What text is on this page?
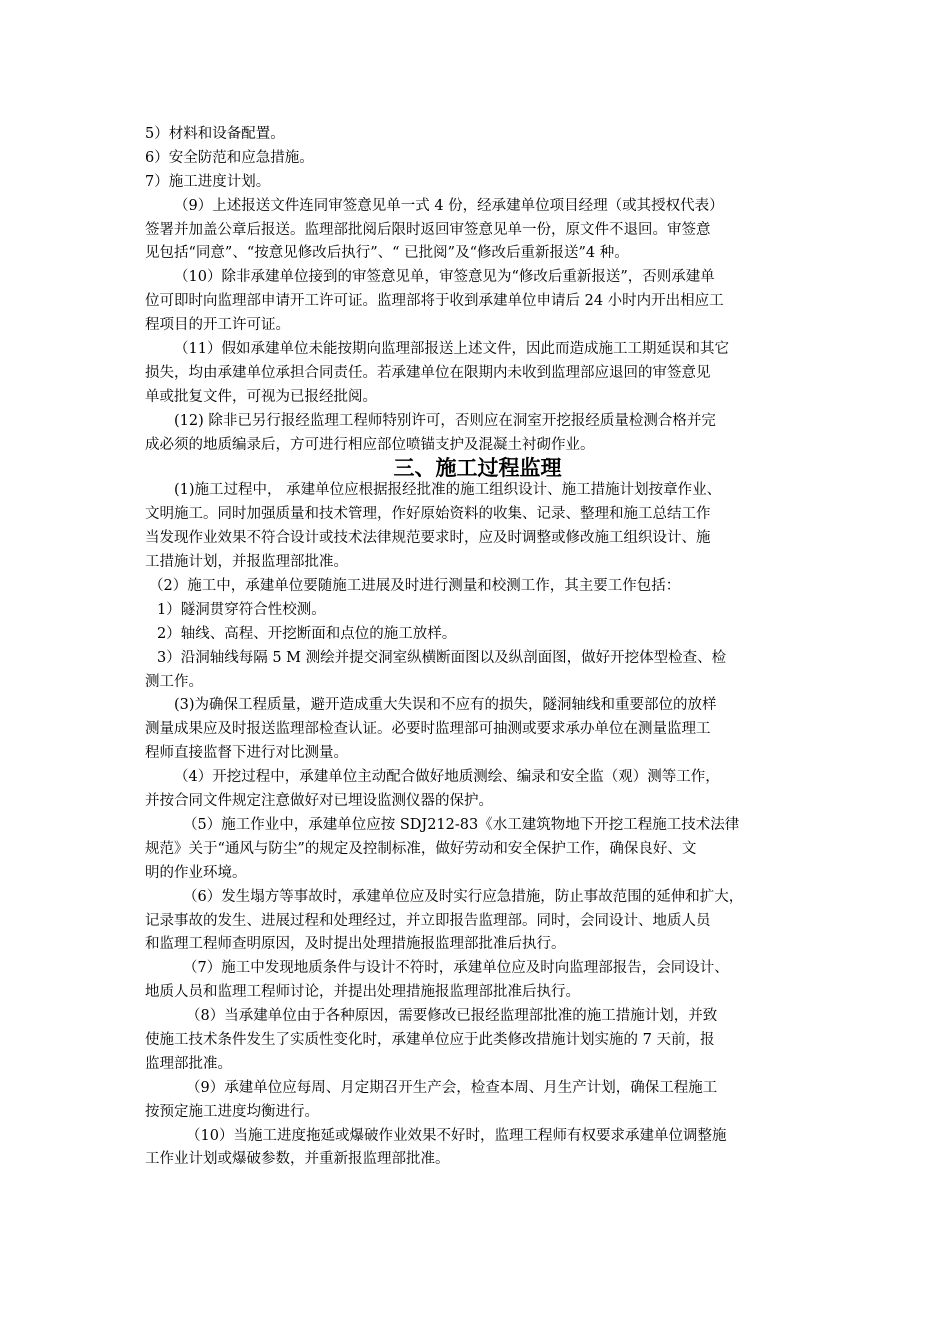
5）材料和设备配置。
6）安全防范和应急措施。
7）施工进度计划。
（9）上述报送文件连同审签意见单一式 4 份，经承建单位项目经理（或其授权代表）
签署并加盖公章后报送。监理部批阅后限时返回审签意见单一份，原文件不退回。审签意
见包括“同意”、“按意见修改后执行”、“ 已批阅”及“修改后重新报送”4 种。
（10）除非承建单位接到的审签意见单，审签意见为“修改后重新报送”，否则承建单
位可即时向监理部申请开工许可证。监理部将于收到承建单位申请后 24 小时内开出相应工
程项目的开工许可证。
（11）假如承建单位未能按期向监理部报送上述文件，因此而造成施工工期延误和其它
损失，均由承建单位承担合同责任。若承建单位在限期内未收到监理部应退回的审签意见
单或批复文件，可视为已报经批阅。
(12) 除非已另行报经监理工程师特别许可，否则应在洞室开挖报经质量检测合格并完
成必须的地质编录后，方可进行相应部位喷锚支护及混凝土衬砌作业。
三、施工过程监理
(1)施工过程中， 承建单位应根据报经批准的施工组织设计、施工措施计划按章作业、
文明施工。同时加强质量和技术管理，作好原始资料的收集、记录、整理和施工总结工作
当发现作业效果不符合设计或技术法律规范要求时，应及时调整或修改施工组织设计、施
工措施计划，并报监理部批准。
（2）施工中，承建单位要随施工进展及时进行测量和校测工作，其主要工作包括：
1）隧洞贯穿符合性校测。
2）轴线、高程、开挖断面和点位的施工放样。
3）沿洞轴线每隔 5 M 测绘并提交洞室纵横断面图以及纵剖面图，做好开挖体型检查、检
测工作。
(3)为确保工程质量，避开造成重大失误和不应有的损失，隧洞轴线和重要部位的放样
测量成果应及时报送监理部检查认证。必要时监理部可抽测或要求承办单位在测量监理工
程师直接监督下进行对比测量。
（4）开挖过程中，承建单位主动配合做好地质测绘、编录和安全监（观）测等工作，
并按合同文件规定注意做好对已埋设监测仪器的保护。
（5）施工作业中，承建单位应按 SDJ212-83《水工建筑物地下开挖工程施工技术法律
规范》关于“通风与防尘”的规定及控制标准，做好劳动和安全保护工作，确保良好、文
明的作业环境。
（6）发生塌方等事故时，承建单位应及时实行应急措施，防止事故范围的延伸和扩大，
记录事故的发生、进展过程和处理经过，并立即报告监理部。同时，会同设计、地质人员
和监理工程师查明原因，及时提出处理措施报监理部批准后执行。
（7）施工中发现地质条件与设计不符时，承建单位应及时向监理部报告，会同设计、
地质人员和监理工程师讨论，并提出处理措施报监理部批准后执行。
（8）当承建单位由于各种原因，需要修改已报经监理部批准的施工措施计划，并致
使施工技术条件发生了实质性变化时，承建单位应于此类修改措施计划实施的 7 天前，报
监理部批准。
（9）承建单位应每周、月定期召开生产会，检查本周、月生产计划，确保工程施工
按预定施工进度均衡进行。
（10）当施工进度拖延或爆破作业效果不好时，监理工程师有权要求承建单位调整施
工作业计划或爆破参数，并重新报监理部批准。
